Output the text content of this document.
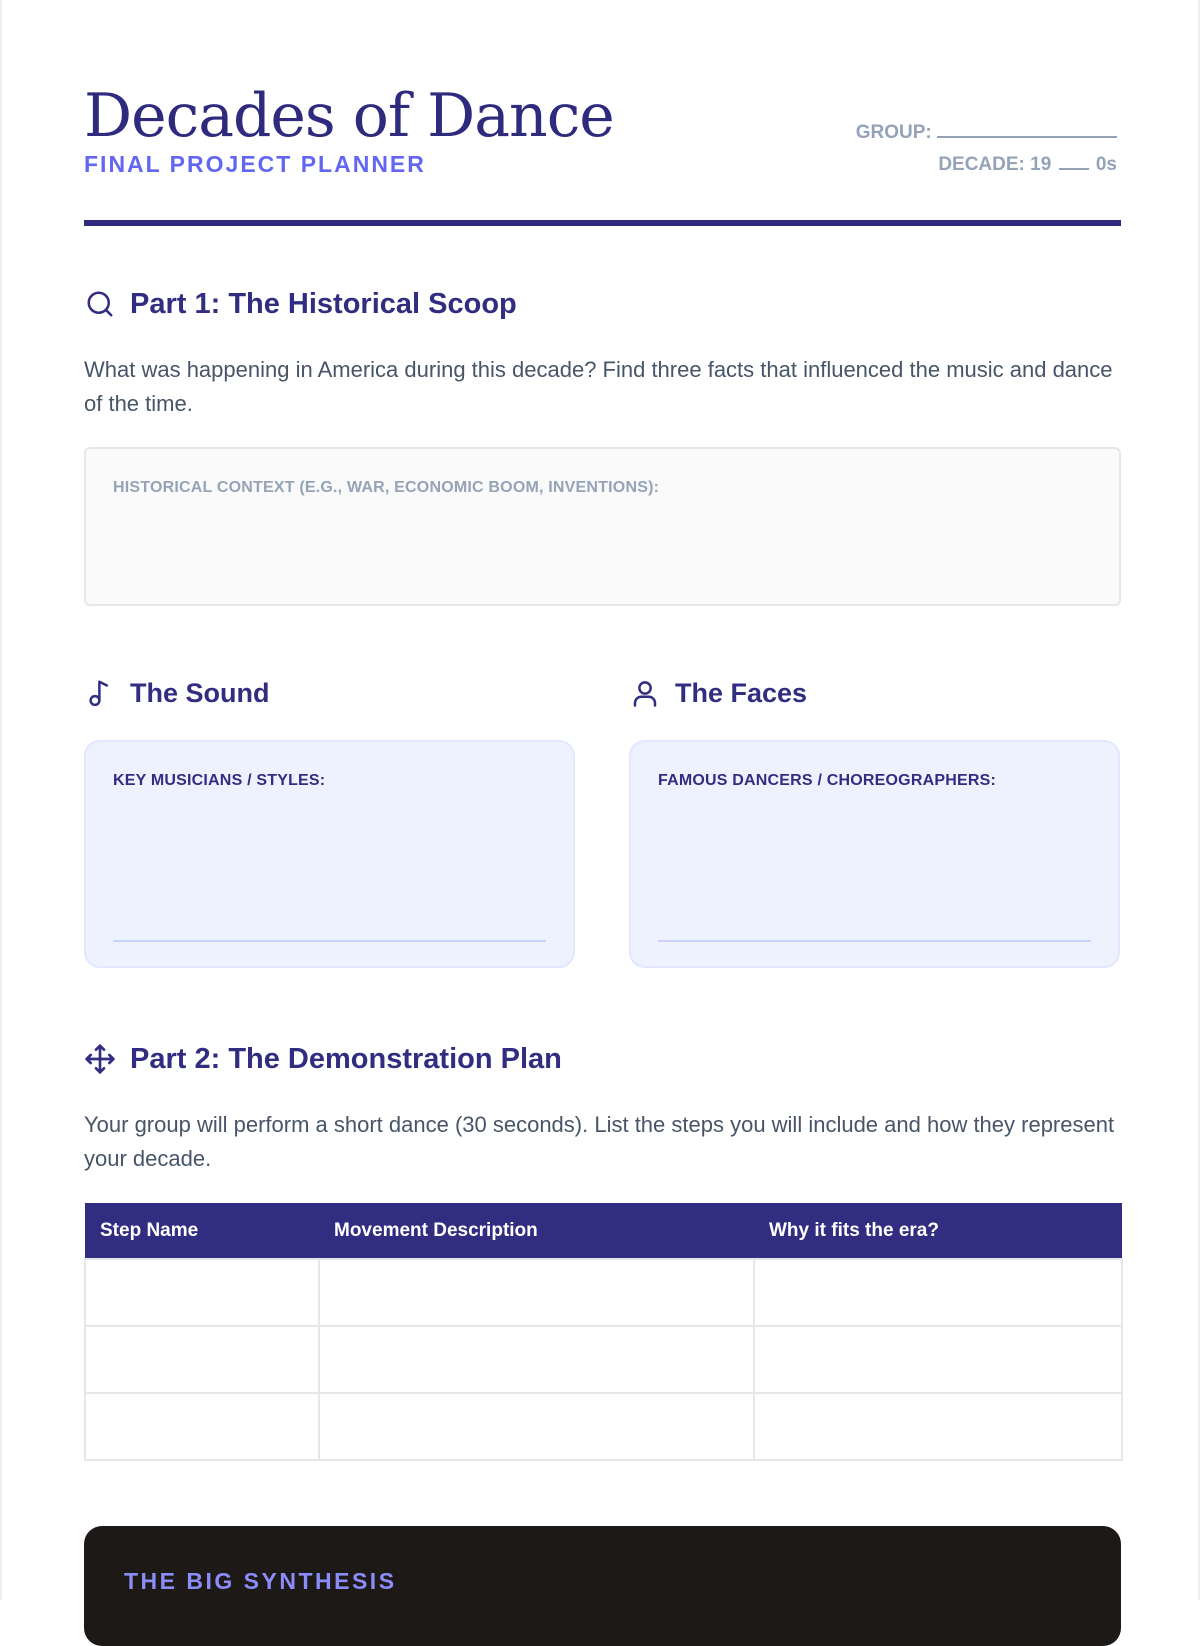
Decades of Dance
FINAL PROJECT PLANNER
GROUP:
DECADE: 19 0s
Part 1: The Historical Scoop
What was happening in America during this decade? Find three facts that influenced the music and dance of the time.
HISTORICAL CONTEXT (E.G., WAR, ECONOMIC BOOM, INVENTIONS):
The Sound	The Faces
KEY MUSICIANS / STYLES:	FAMOUS DANCERS / CHOREOGRAPHERS:
Part 2: The Demonstration Plan
Your group will perform a short dance (30 seconds). List the steps you will include and how they represent your decade.
Step Name	Movement Description	Why it fits the era?

THE BIG SYNTHESIS
